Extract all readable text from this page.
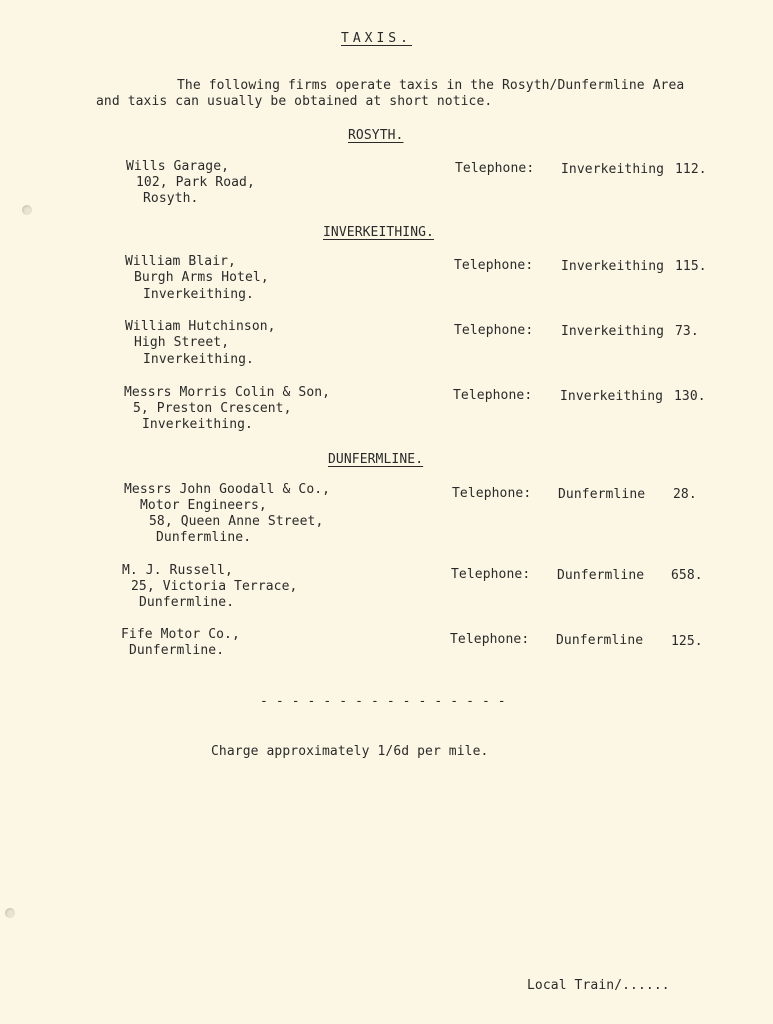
TAXIS.
The following firms operate taxis in the Rosyth/Dunfermline Area
and taxis can usually be obtained at short notice.
ROSYTH.
Wills Garage,
102, Park Road,
Rosyth.
Telephone: Inverkeithing 112.
INVERKEITHING.
William Blair,
Burgh Arms Hotel,
Inverkeithing.
Telephone: Inverkeithing 115.
William Hutchinson,
High Street,
Inverkeithing.
Telephone: Inverkeithing 73.
Messrs Morris Colin & Son,
5, Preston Crescent,
Inverkeithing.
Telephone: Inverkeithing 130.
DUNFERMLINE.
Messrs John Goodall & Co.,
Motor Engineers,
58, Queen Anne Street,
Dunfermline.
Telephone: Dunfermline 28.
M. J. Russell,
25, Victoria Terrace,
Dunfermline.
Telephone: Dunfermline 658.
Fife Motor Co.,
Dunfermline.
Telephone: Dunfermline 125.
- - - - - - - - - - - - - - - -
Charge approximately 1/6d per mile.
Local Train/......
